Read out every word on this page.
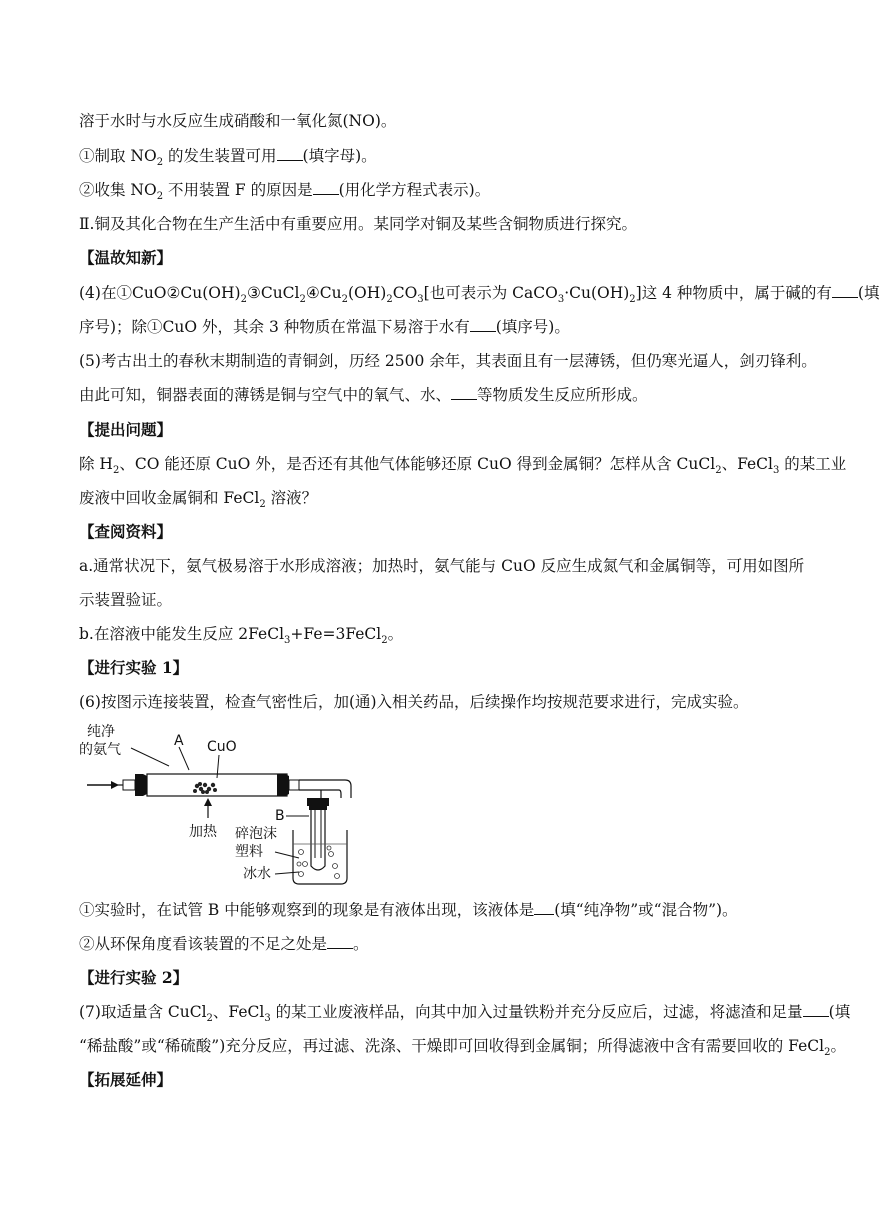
溶于水时与水反应生成硝酸和一氧化氮(NO)。
①制取 $NO_2$ 的发生装置可用 (填字母)。
②收集 $NO_2$ 不用装置 F 的原因是 (用化学方程式表示)。
Ⅱ.铜及其化合物在生产生活中有重要应用。某同学对铜及某些含铜物质进行探究。
【温故知新】
(4)在$①CuO②Cu(OH)_2③CuCl_2④Cu_2(OH)_2CO_3$[也可表示为 $CaCO_3\cdot Cu(OH)_2$]这 4 种物质中，属于碱的有 (填
序号)；除①CuO 外，其余 3 种物质在常温下易溶于水有 (填序号)。
(5)考古出土的春秋末期制造的青铜剑，历经 2500 余年，其表面且有一层薄锈，但仍寒光逼人，剑刃锋利。
由此可知，铜器表面的薄锈是铜与空气中的氧气、水、 等物质发生反应所形成。
【提出问题】
除 $H_2$、CO 能还原 CuO 外，是否还有其他气体能够还原 CuO 得到金属铜？怎样从含 CuCl$_2$、FeCl$_3$ 的某工业
废液中回收金属铜和 FeCl$_2$ 溶液？
【查阅资料】
a.通常状况下，氨气极易溶于水形成溶液；加热时，氨气能与 CuO 反应生成氮气和金属铜等，可用如图所
示装置验证。
b.在溶液中能发生反应 2FeCl$_3$+Fe=3FeCl$_2$。
【进行实验 1】
(6)按图示连接装置，检查气密性后，加(通)入相关药品，后续操作均按规范要求进行，完成实验。
纯净
的氨气
A CuO
加热
B
碎泡沫
塑料
冰水
①实验时，在试管 B 中能够观察到的现象是有液体出现，该液体是 (填“纯净物”或“混合物”)。
②从环保角度看该装置的不足之处是 。
【进行实验 2】
(7)取适量含 CuCl$_2$、FeCl$_3$ 的某工业废液样品，向其中加入过量铁粉并充分反应后，过滤，将滤渣和足量 (填
“稀盐酸”或“稀硫酸”)充分反应，再过滤、洗涤、干燥即可回收得到金属铜；所得滤液中含有需要回收的 FeCl$_2$。
【拓展延伸】
